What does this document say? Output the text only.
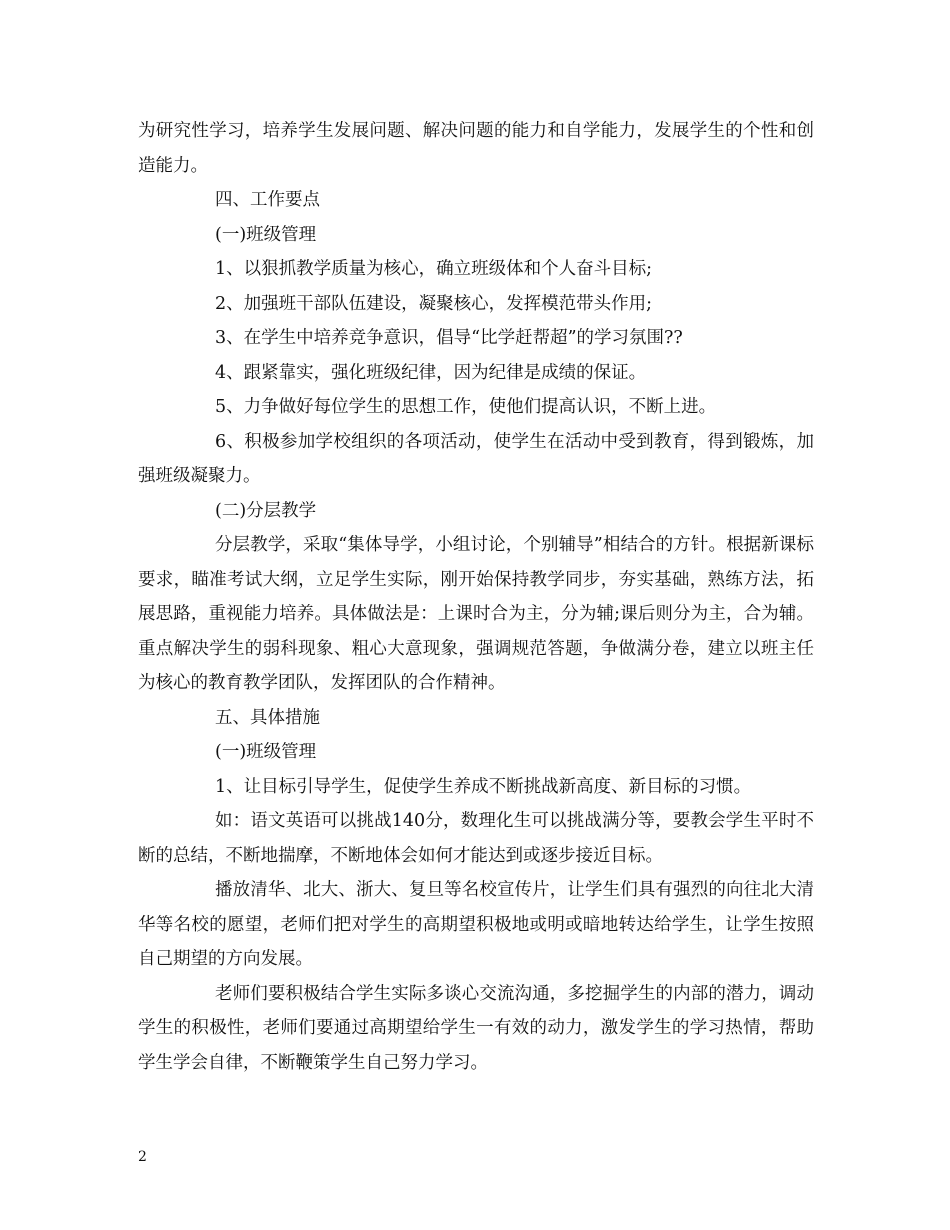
为研究性学习，培养学生发展问题、解决问题的能力和自学能力，发展学生的个性和创造能力。

四、工作要点

(一)班级管理

1、以狠抓教学质量为核心，确立班级体和个人奋斗目标;

2、加强班干部队伍建设，凝聚核心，发挥模范带头作用;

3、在学生中培养竞争意识，倡导“比学赶帮超”的学习氛围??

4、跟紧靠实，强化班级纪律，因为纪律是成绩的保证。

5、力争做好每位学生的思想工作，使他们提高认识，不断上进。

6、积极参加学校组织的各项活动，使学生在活动中受到教育，得到锻炼，加强班级凝聚力。

(二)分层教学

分层教学，采取“集体导学，小组讨论，个别辅导”相结合的方针。根据新课标要求，瞄准考试大纲，立足学生实际，刚开始保持教学同步，夯实基础，熟练方法，拓展思路，重视能力培养。具体做法是：上课时合为主，分为辅;课后则分为主，合为辅。重点解决学生的弱科现象、粗心大意现象，强调规范答题，争做满分卷，建立以班主任为核心的教育教学团队，发挥团队的合作精神。

五、具体措施

(一)班级管理

1、让目标引导学生，促使学生养成不断挑战新高度、新目标的习惯。

如：语文英语可以挑战140分，数理化生可以挑战满分等，要教会学生平时不断的总结，不断地揣摩，不断地体会如何才能达到或逐步接近目标。

播放清华、北大、浙大、复旦等名校宣传片，让学生们具有强烈的向往北大清华等名校的愿望，老师们把对学生的高期望积极地或明或暗地转达给学生，让学生按照自己期望的方向发展。

老师们要积极结合学生实际多谈心交流沟通，多挖掘学生的内部的潜力，调动学生的积极性，老师们要通过高期望给学生一有效的动力，激发学生的学习热情，帮助学生学会自律，不断鞭策学生自己努力学习。

2
